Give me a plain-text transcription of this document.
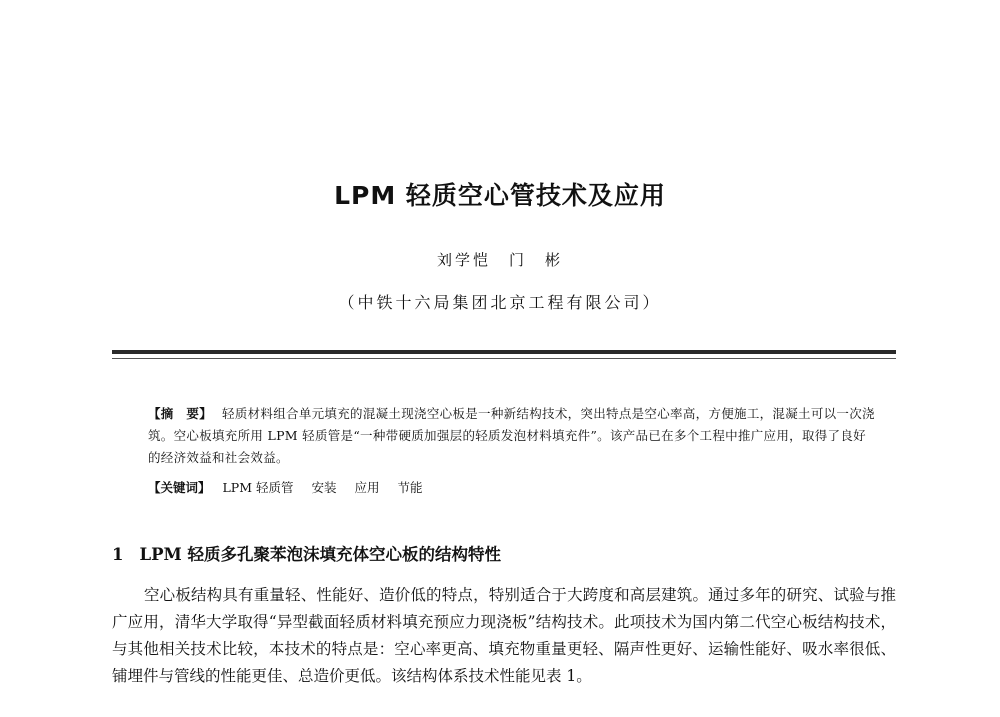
LPM 轻质空心管技术及应用
刘学恺　门　彬
（中铁十六局集团北京工程有限公司）
【摘　要】 轻质材料组合单元填充的混凝土现浇空心板是一种新结构技术，突出特点是空心率高，方便施工，混凝土可以一次浇筑。空心板填充所用 LPM 轻质管是“一种带硬质加强层的轻质发泡材料填充件”。该产品已在多个工程中推广应用，取得了良好的经济效益和社会效益。
【关键词】 LPM 轻质管 安装 应用 节能
1 LPM 轻质多孔聚苯泡沫填充体空心板的结构特性

空心板结构具有重量轻、性能好、造价低的特点，特别适合于大跨度和高层建筑。通过多年的研究、试验与推广应用，清华大学取得“异型截面轻质材料填充预应力现浇板”结构技术。此项技术为国内第二代空心板结构技术，与其他相关技术比较，本技术的特点是：空心率更高、填充物重量更轻、隔声性更好、运输性能好、吸水率很低、铺埋件与管线的性能更佳、总造价更低。该结构体系技术性能见表 1。
